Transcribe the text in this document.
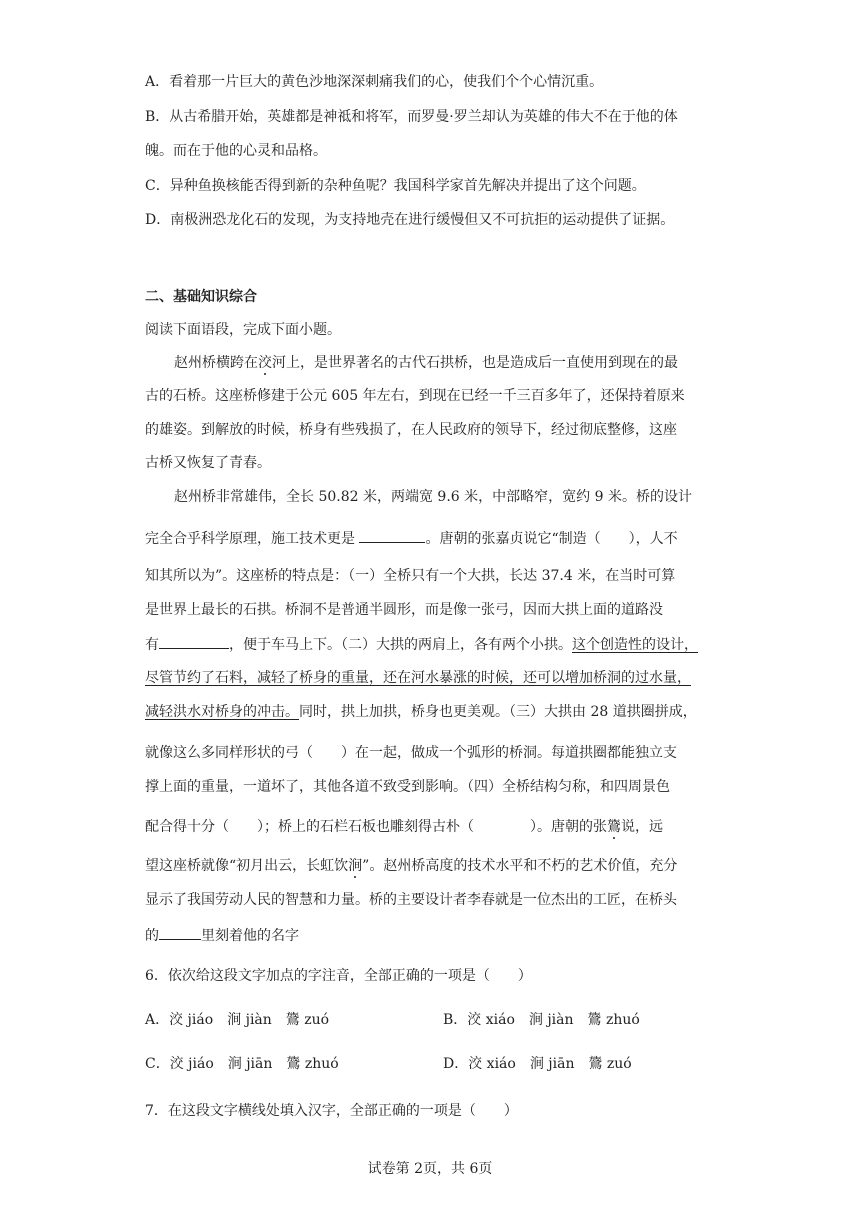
A．看着那一片巨大的黄色沙地深深刺痛我们的心，使我们个个心情沉重。
B．从古希腊开始，英雄都是神祗和将军，而罗曼·罗兰却认为英雄的伟大不在于他的体
魄。而在于他的心灵和品格。
C．异种鱼换核能否得到新的杂种鱼呢？我国科学家首先解决并提出了这个问题。
D．南极洲恐龙化石的发现，为支持地壳在进行缓慢但又不可抗拒的运动提供了证据。
二、基础知识综合
阅读下面语段，完成下面小题。
赵州桥横跨在洨河上，是世界著名的古代石拱桥，也是造成后一直使用到现在的最
古的石桥。这座桥修建于公元 605 年左右，到现在已经一千三百多年了，还保持着原来
的雄姿。到解放的时候，桥身有些残损了，在人民政府的领导下，经过彻底整修，这座
古桥又恢复了青春。
赵州桥非常雄伟，全长 50.82 米，两端宽 9.6 米，中部略窄，宽约 9 米。桥的设计
完全合乎科学原理，施工技术更是	。唐朝的张嘉贞说它“制造（　　），人不
知其所以为”。这座桥的特点是：（一）全桥只有一个大拱，长达 37.4 米，在当时可算
是世界上最长的石拱。桥洞不是普通半圆形，而是像一张弓，因而大拱上面的道路没
有	，便于车马上下。（二）大拱的两肩上，各有两个小拱。这个创造性的设计，
尽管节约了石料，减轻了桥身的重量，还在河水暴涨的时候，还可以增加桥洞的过水量，
减轻洪水对桥身的冲击。同时，拱上加拱，桥身也更美观。（三）大拱由 28 道拱圈拼成，
就像这么多同样形状的弓（　　）在一起，做成一个弧形的桥洞。每道拱圈都能独立支
撑上面的重量，一道坏了，其他各道不致受到影响。（四）全桥结构匀称，和四周景色
配合得十分（　　）；桥上的石栏石板也雕刻得古朴（　　　　）。唐朝的张鷟说，远
望这座桥就像“初月出云，长虹饮涧”。赵州桥高度的技术水平和不朽的艺术价值，充分
显示了我国劳动人民的智慧和力量。桥的主要设计者李春就是一位杰出的工匠，在桥头
的	里刻着他的名字
6．依次给这段文字加点的字注音，全部正确的一项是（　　）
A．洨 jiáo　涧 jiàn　鷟 zuó	B．洨 xiáo　涧 jiàn　鷟 zhuó
C．洨 jiáo　涧 jiān　鷟 zhuó	D．洨 xiáo　涧 jiān　鷟 zuó
7．在这段文字横线处填入汉字，全部正确的一项是（　　）
试卷第 2页，共 6页
